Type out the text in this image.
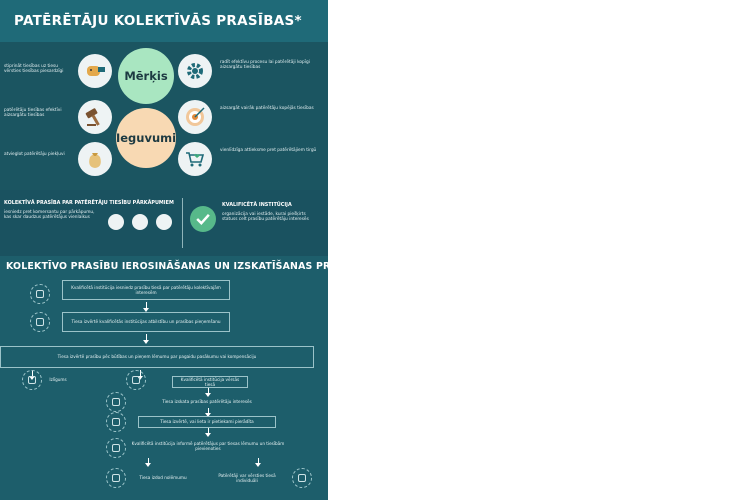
PATĒRĒTĀJU KOLEKTĪVĀS PRASĪBAS*
Mērķis
Ieguvumi
stiprināt tiesības uz tiesu vērsties tiesības piesardzīgi
patērētāju tiesības efektīvi aizsargātu tiesības
atvieglot patērētāju piekļuvi
radīt efektīvu procesu lai patērētāji kopīgi aizsargātu tiesības
aizsargāt vairāk patērētāju kopējās tiesības
vienlīdzīga attieksme pret patērētājiem tirgū
KOLEKTĪVĀ PRASĪBA PAR PATĒRĒTĀJU TIESĪBU PĀRKĀPUMIEM
iesniedz pret komersantu par pārkāpumu, kas skar daudzus patērētājus vienlaikus
KVALIFICĒTĀ INSTITŪCIJA
organizācija vai iestāde, kurai piešķirts statuss celt prasību patērētāju interesēs
KOLEKTĪVO PRASĪBU IEROSINĀŠANAS UN IZSKATĪŠANAS PROCESS
Kvalificētā institūcija iesniedz prasību tiesā par patērētāju kolektīvajām interesēm
Tiesa izvērtē kvalificētās institūcijas atbilstību un prasības pieņemšanu
Tiesa izvērtē prasību pēc būtības un pieņem lēmumu par pagaidu pasākumu vai kompensāciju
Izlīgums	Kvalificētā institūcija vērsās tiesā
Tiesa izskata prasības patērētāju interesēs
Tiesa izvērtē, vai lieta ir pietiekami pierādīta
Kvalificētā institūcija informē patērētājus par tiesas lēmumu un tiesībām pievienoties
Tiesa izdod nolēmumu
Patērētāji var vērsties tiesā individuāli
